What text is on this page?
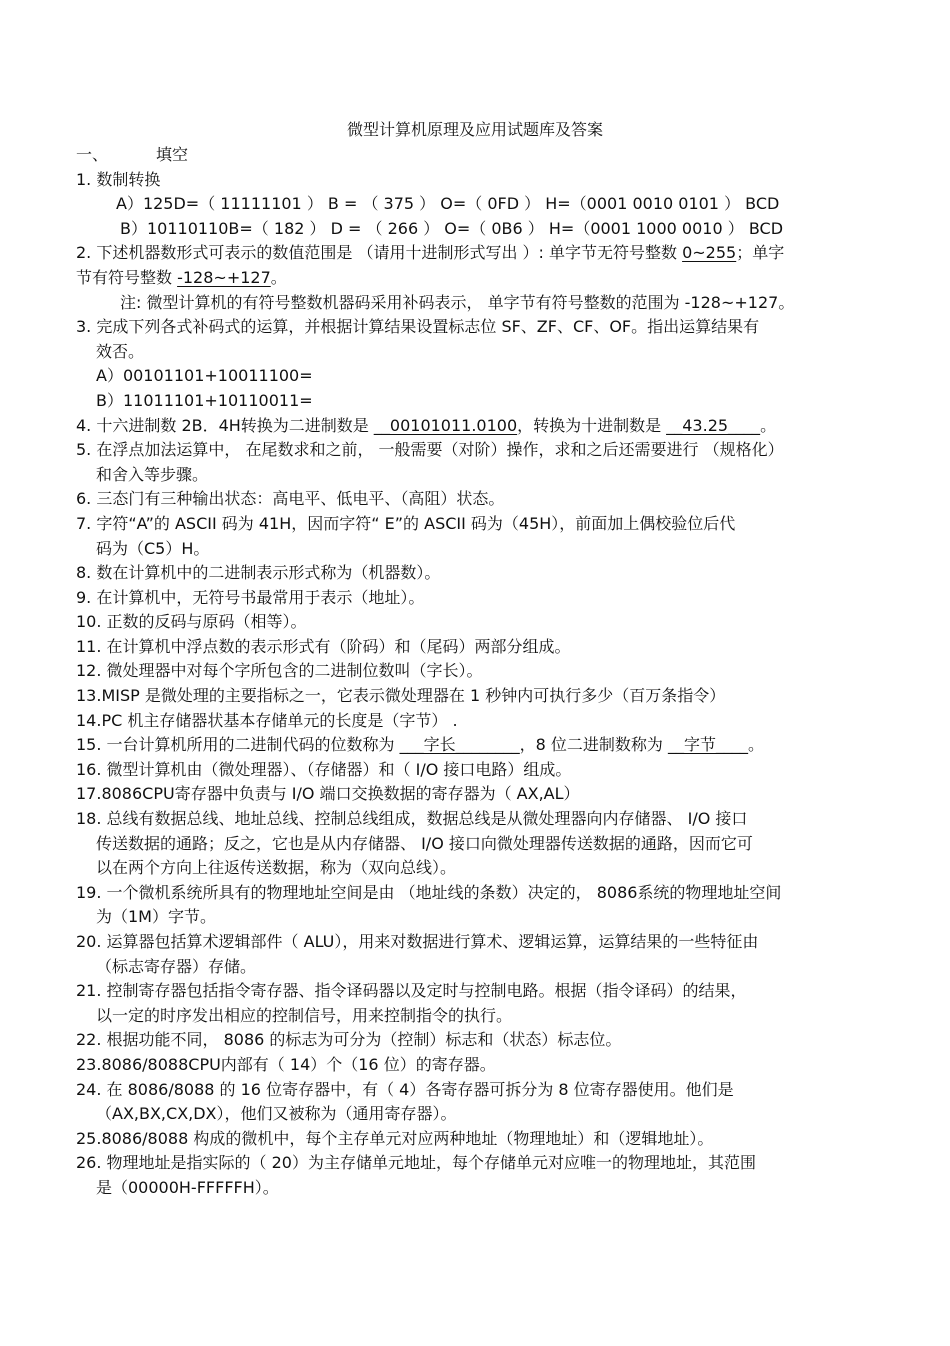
微型计算机原理及应用试题库及答案
一、	填空
1. 数制转换
A）125D=（ 11111101 ） B = （ 375 ） O=（ 0FD ） H=（0001 0010 0101 ） BCD
B）10110110B=（ 182 ） D = （ 266 ） O=（ 0B6 ） H=（0001 1000 0010 ） BCD
2. 下述机器数形式可表示的数值范围是 （请用十进制形式写出 ）: 单字节无符号整数 0~255；单字
节有符号整数 -128~+127。
注: 微型计算机的有符号整数机器码采用补码表示， 单字节有符号整数的范围为 -128~+127。
3. 完成下列各式补码式的运算，并根据计算结果设置标志位 SF、ZF、CF、OF。指出运算结果有
效否。
A）00101101+10011100=
B）11011101+10110011=
4. 十六进制数 2B．4H转换为二进制数是 __00101011.0100，转换为十进制数是 __43.25____。
5. 在浮点加法运算中， 在尾数求和之前， 一般需要（对阶）操作，求和之后还需要进行 （规格化）
和舍入等步骤。
6. 三态门有三种输出状态：高电平、低电平、（高阻）状态。
7. 字符“A”的 ASCII 码为 41H，因而字符“ E”的 ASCII 码为（45H），前面加上偶校验位后代
码为（C5）H。
8. 数在计算机中的二进制表示形式称为（机器数）。
9. 在计算机中，无符号书最常用于表示（地址）。
10. 正数的反码与原码（相等）。
11. 在计算机中浮点数的表示形式有（阶码）和（尾码）两部分组成。
12. 微处理器中对每个字所包含的二进制位数叫（字长）。
13.MISP 是微处理的主要指标之一，它表示微处理器在 1 秒钟内可执行多少（百万条指令）
14.PC 机主存储器状基本存储单元的长度是（字节） .
15. 一台计算机所用的二进制代码的位数称为 ___字长________，8 位二进制数称为 __字节____。
16. 微型计算机由（微处理器）、（存储器）和（ I/O 接口电路）组成。
17.8086CPU寄存器中负责与 I/O 端口交换数据的寄存器为（ AX,AL）
18. 总线有数据总线、地址总线、控制总线组成，数据总线是从微处理器向内存储器、 I/O 接口
传送数据的通路；反之，它也是从内存储器、 I/O 接口向微处理器传送数据的通路，因而它可
以在两个方向上往返传送数据，称为（双向总线）。
19. 一个微机系统所具有的物理地址空间是由 （地址线的条数）决定的， 8086系统的物理地址空间
为（1M）字节。
20. 运算器包括算术逻辑部件（ ALU），用来对数据进行算术、逻辑运算，运算结果的一些特征由
（标志寄存器）存储。
21. 控制寄存器包括指令寄存器、指令译码器以及定时与控制电路。根据（指令译码）的结果，
以一定的时序发出相应的控制信号，用来控制指令的执行。
22. 根据功能不同， 8086 的标志为可分为（控制）标志和（状态）标志位。
23.8086/8088CPU内部有（ 14）个（16 位）的寄存器。
24. 在 8086/8088 的 16 位寄存器中，有（ 4）各寄存器可拆分为 8 位寄存器使用。他们是
（AX,BX,CX,DX），他们又被称为（通用寄存器）。
25.8086/8088 构成的微机中，每个主存单元对应两种地址（物理地址）和（逻辑地址）。
26. 物理地址是指实际的（ 20）为主存储单元地址，每个存储单元对应唯一的物理地址，其范围
是（00000H-FFFFFH）。
